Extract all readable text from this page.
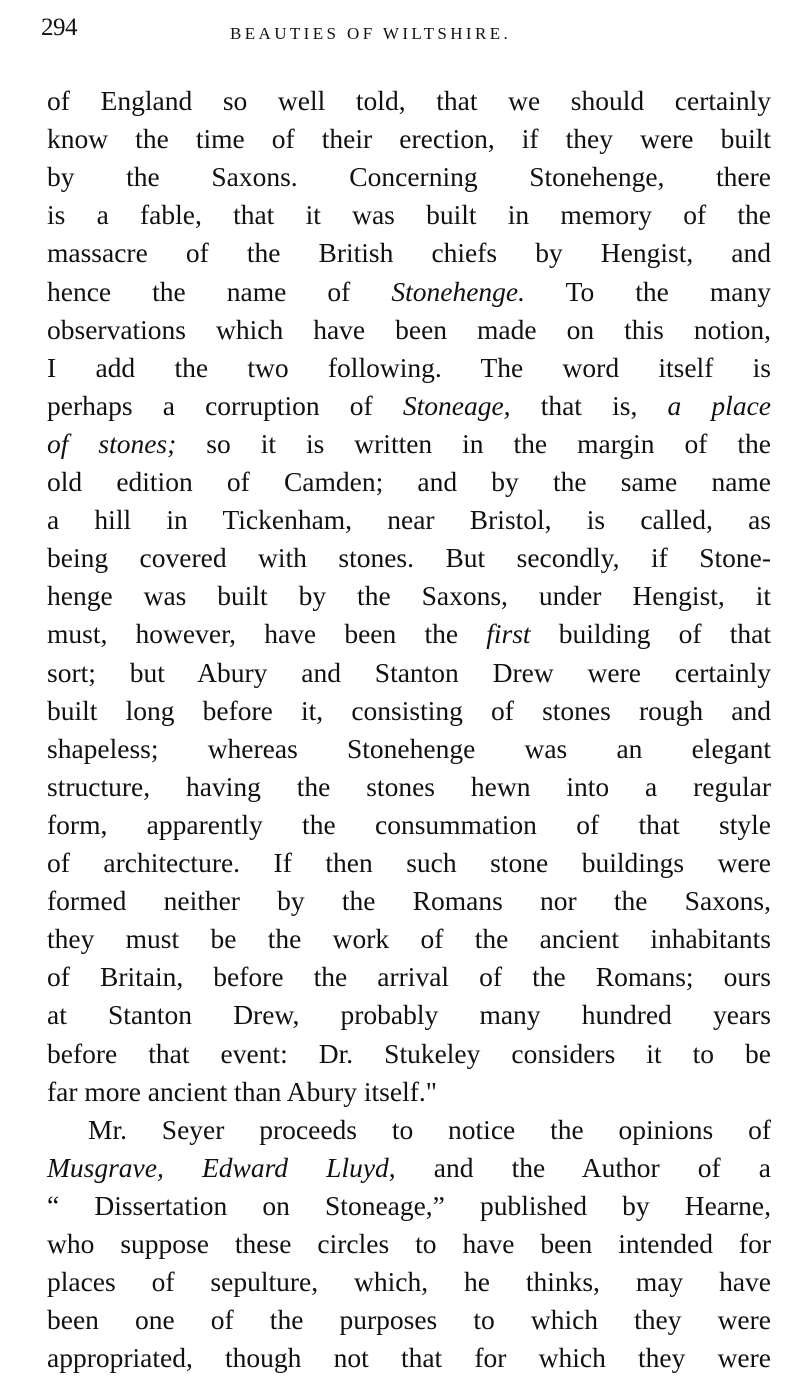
294	BEAUTIES OF WILTSHIRE.
of England so well told, that we should certainly
know the time of their erection, if they were built
by the Saxons. Concerning Stonehenge, there
is a fable, that it was built in memory of the
massacre of the British chiefs by Hengist, and
hence the name of Stonehenge. To the many
observations which have been made on this notion,
I add the two following. The word itself is
perhaps a corruption of Stoneage, that is, a place
of stones; so it is written in the margin of the
old edition of Camden; and by the same name
a hill in Tickenham, near Bristol, is called, as
being covered with stones. But secondly, if Stone-
henge was built by the Saxons, under Hengist, it
must, however, have been the first building of that
sort; but Abury and Stanton Drew were certainly
built long before it, consisting of stones rough and
shapeless; whereas Stonehenge was an elegant
structure, having the stones hewn into a regular
form, apparently the consummation of that style
of architecture. If then such stone buildings were
formed neither by the Romans nor the Saxons,
they must be the work of the ancient inhabitants
of Britain, before the arrival of the Romans; ours
at Stanton Drew, probably many hundred years
before that event: Dr. Stukeley considers it to be
far more ancient than Abury itself."
Mr. Seyer proceeds to notice the opinions of
Musgrave, Edward Lluyd, and the Author of a
“ Dissertation on Stoneage,” published by Hearne,
who suppose these circles to have been intended for
places of sepulture, which, he thinks, may have
been one of the purposes to which they were
appropriated, though not that for which they were
